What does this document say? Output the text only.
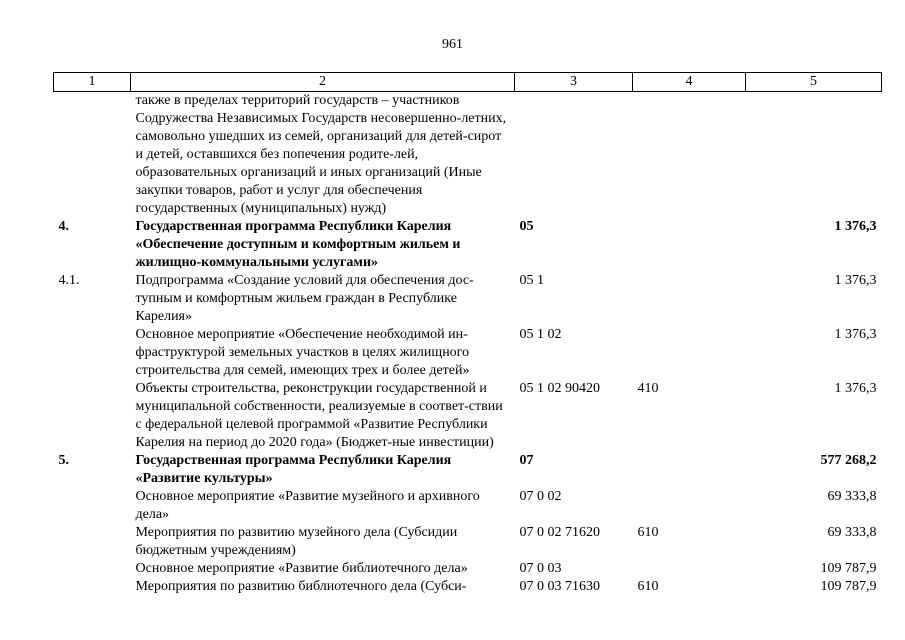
961
1	2	3	4	5
	также в пределах территорий государств – участников Содружества Независимых Государств несовершенно-летних, самовольно ушедших из семей, организаций для детей-сирот и детей, оставшихся без попечения родите-лей, образовательных организаций и иных организаций (Иные закупки товаров, работ и услуг для обеспечения государственных (муниципальных) нужд)			
4.	Государственная программа Республики Карелия «Обеспечение доступным и комфортным жильем и жилищно-коммунальными услугами»	05		1 376,3
4.1.	Подпрограмма «Создание условий для обеспечения дос-тупным и комфортным жильем граждан в Республике Карелия»	05 1		1 376,3
	Основное мероприятие «Обеспечение необходимой ин-фраструктурой земельных участков в целях жилищного строительства для семей, имеющих трех и более детей»	05 1 02		1 376,3
	Объекты строительства, реконструкции государственной и муниципальной собственности, реализуемые в соответ-ствии с федеральной целевой программой «Развитие Республики Карелия на период до 2020 года» (Бюджет-ные инвестиции)	05 1 02 90420	410	1 376,3
5.	Государственная программа Республики Карелия «Развитие культуры»	07		577 268,2
	Основное мероприятие «Развитие музейного и архивного дела»	07 0 02		69 333,8
	Мероприятия по развитию музейного дела (Субсидии бюджетным учреждениям)	07 0 02 71620	610	69 333,8
	Основное мероприятие «Развитие библиотечного дела»	07 0 03		109 787,9
	Мероприятия по развитию библиотечного дела (Субси-	07 0 03 71630	610	109 787,9
